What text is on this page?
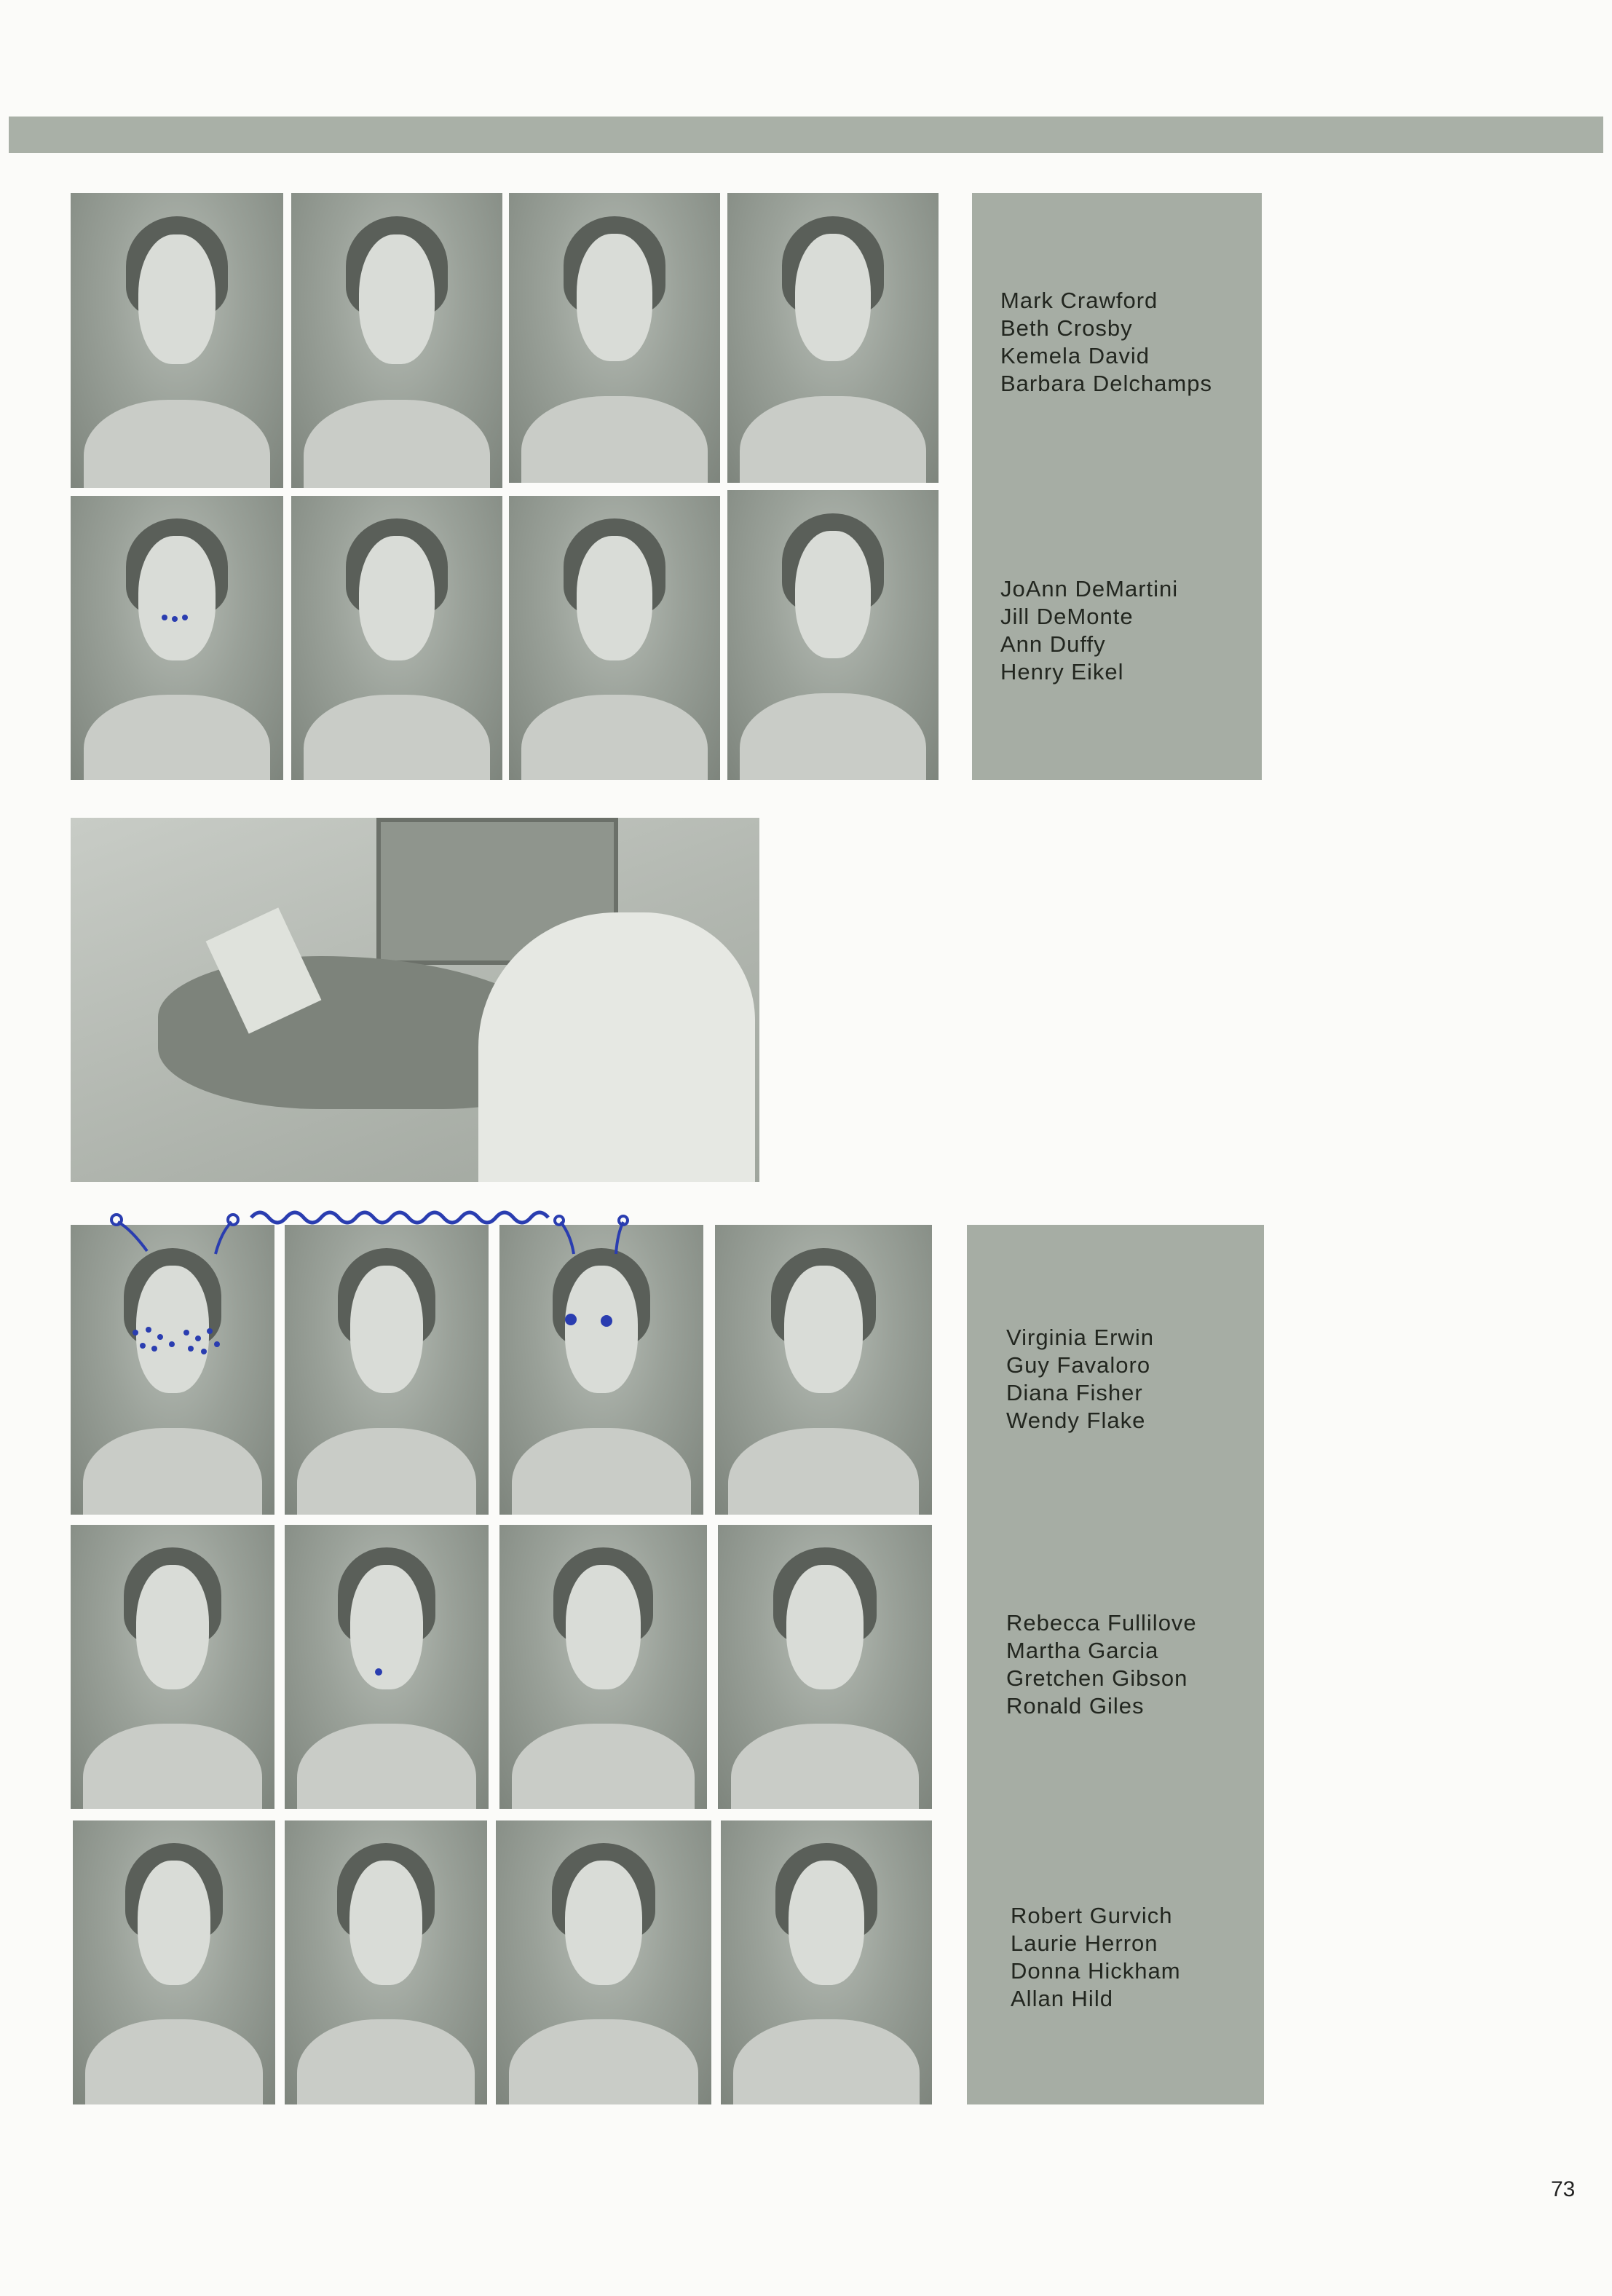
Mark Crawford
Beth Crosby
Kemela David
Barbara Delchamps
JoAnn DeMartini
Jill DeMonte
Ann Duffy
Henry Eikel
Virginia Erwin
Guy Favaloro
Diana Fisher
Wendy Flake
Rebecca Fullilove
Martha Garcia
Gretchen Gibson
Ronald Giles
Robert Gurvich
Laurie Herron
Donna Hickham
Allan Hild
73
